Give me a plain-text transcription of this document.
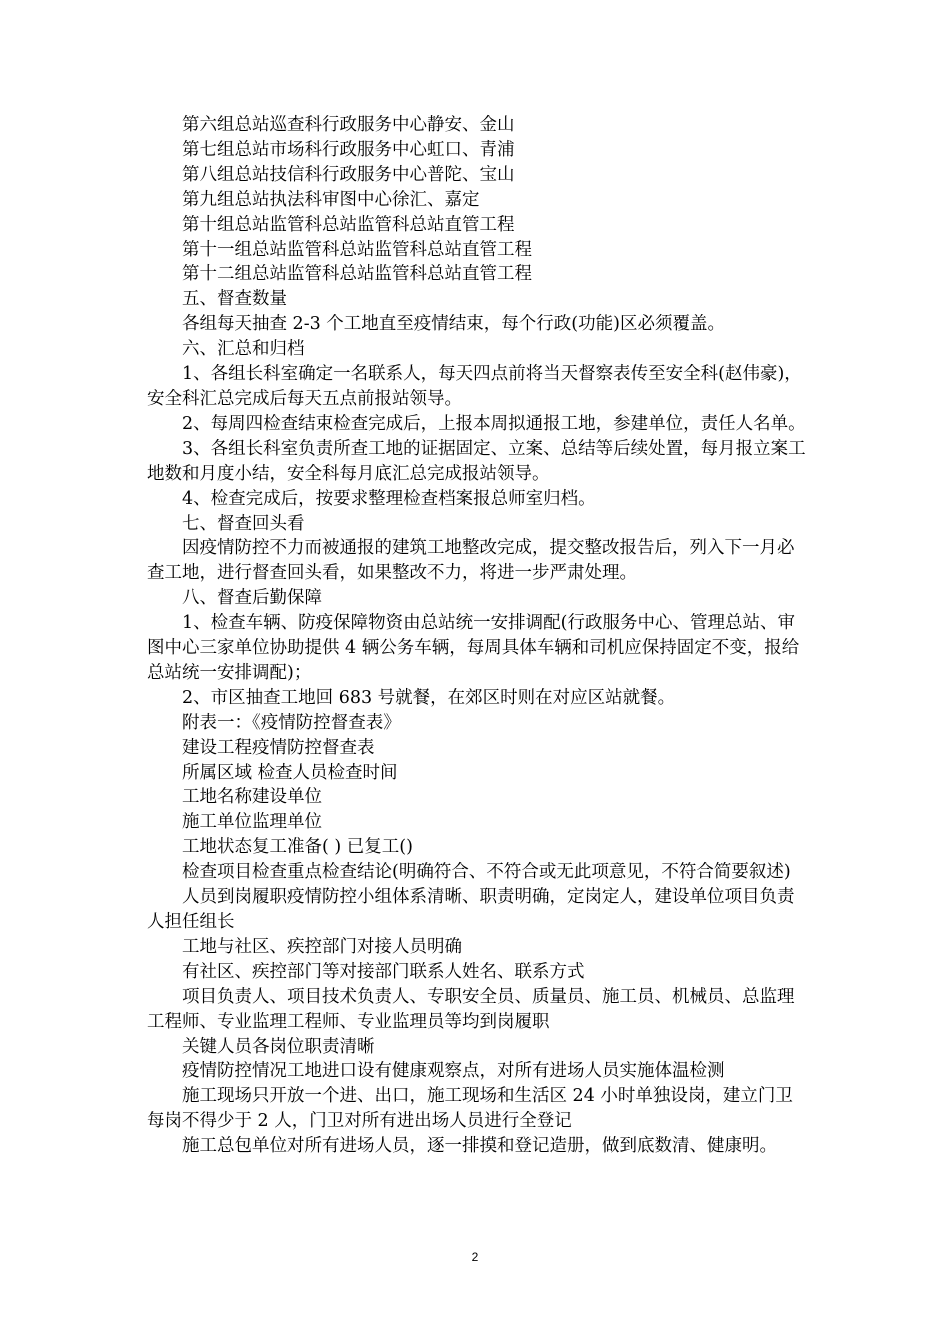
第六组总站巡查科行政服务中心静安、金山

第七组总站市场科行政服务中心虹口、青浦

第八组总站技信科行政服务中心普陀、宝山

第九组总站执法科审图中心徐汇、嘉定

第十组总站监管科总站监管科总站直管工程

第十一组总站监管科总站监管科总站直管工程

第十二组总站监管科总站监管科总站直管工程

五、督查数量

各组每天抽查 2-3 个工地直至疫情结束，每个行政(功能)区必须覆盖。

六、汇总和归档

1、各组长科室确定一名联系人，每天四点前将当天督察表传至安全科(赵伟豪)，安全科汇总完成后每天五点前报站领导。

2、每周四检查结束检查完成后，上报本周拟通报工地，参建单位，责任人名单。

3、各组长科室负责所查工地的证据固定、立案、总结等后续处置，每月报立案工地数和月度小结，安全科每月底汇总完成报站领导。

4、检查完成后，按要求整理检查档案报总师室归档。

七、督查回头看

因疫情防控不力而被通报的建筑工地整改完成，提交整改报告后，列入下一月必查工地，进行督查回头看，如果整改不力，将进一步严肃处理。

八、督查后勤保障

1、检查车辆、防疫保障物资由总站统一安排调配(行政服务中心、管理总站、审图中心三家单位协助提供 4 辆公务车辆，每周具体车辆和司机应保持固定不变，报给总站统一安排调配)；

2、市区抽查工地回 683 号就餐，在郊区时则在对应区站就餐。

附表一：《疫情防控督查表》

建设工程疫情防控督查表

所属区域 检查人员检查时间

工地名称建设单位

施工单位监理单位

工地状态复工准备( ) 已复工()

检查项目检查重点检查结论(明确符合、不符合或无此项意见，不符合简要叙述)

人员到岗履职疫情防控小组体系清晰、职责明确，定岗定人，建设单位项目负责人担任组长

工地与社区、疾控部门对接人员明确

有社区、疾控部门等对接部门联系人姓名、联系方式

项目负责人、项目技术负责人、专职安全员、质量员、施工员、机械员、总监理工程师、专业监理工程师、专业监理员等均到岗履职

关键人员各岗位职责清晰

疫情防控情况工地进口设有健康观察点，对所有进场人员实施体温检测

施工现场只开放一个进、出口，施工现场和生活区 24 小时单独设岗，建立门卫每岗不得少于 2 人，门卫对所有进出场人员进行全登记

施工总包单位对所有进场人员，逐一排摸和登记造册，做到底数清、健康明。

2
